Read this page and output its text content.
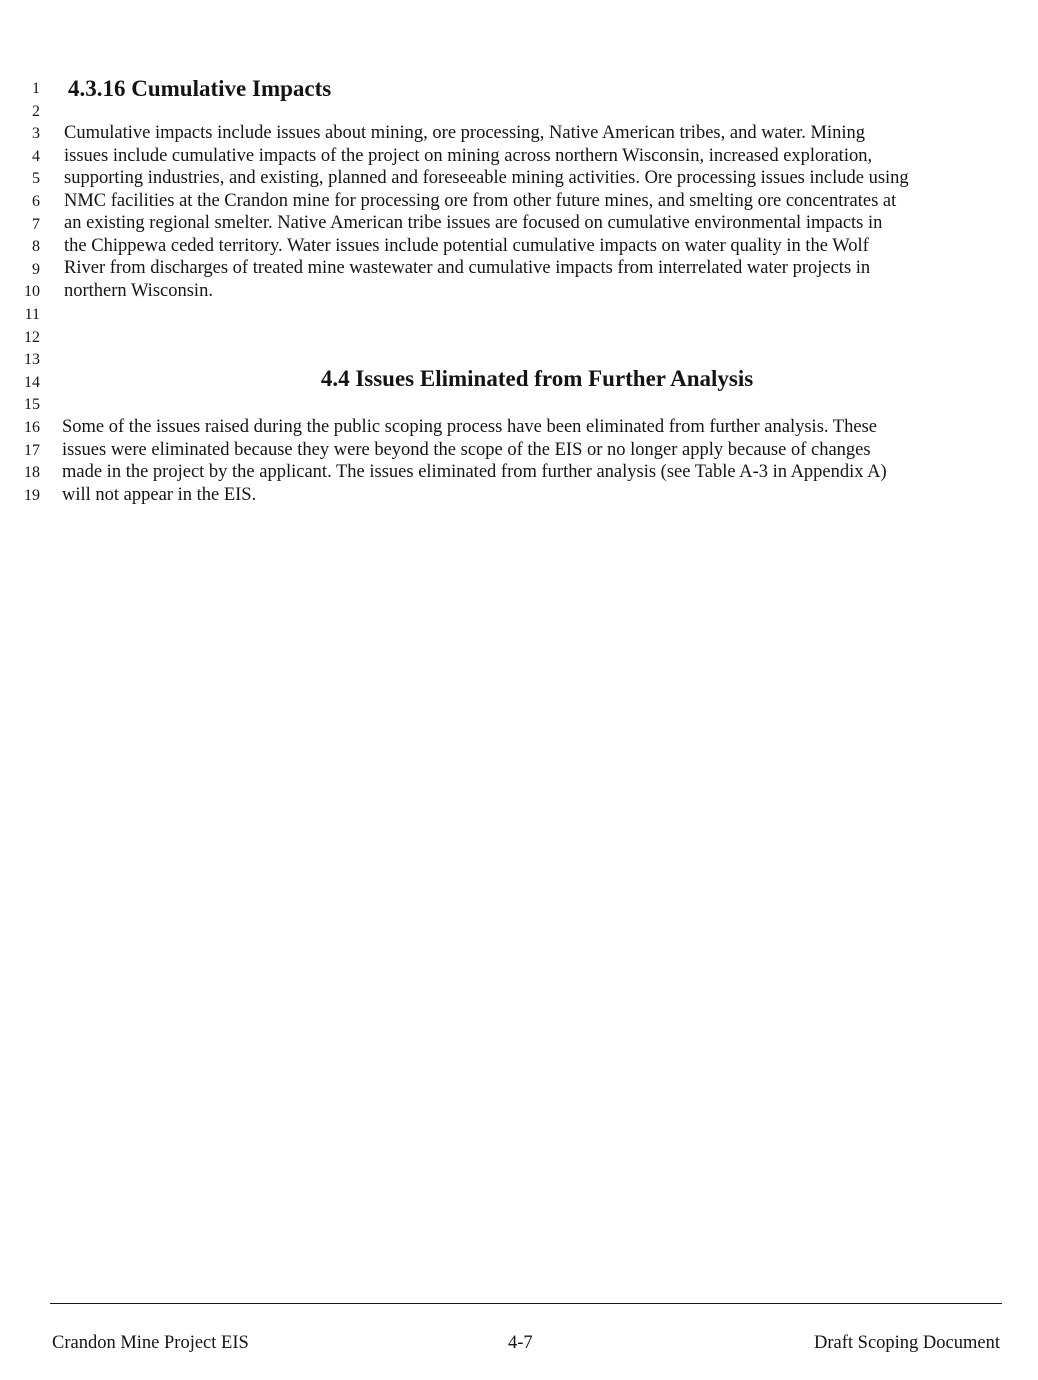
1
2
3
4
5
6
7
8
9
10
11
12
13
14
15
16
17
18
19
4.3.16 Cumulative Impacts
Cumulative impacts include issues about mining, ore processing, Native American tribes, and water. Mining
issues include cumulative impacts of the project on mining across northern Wisconsin, increased exploration,
supporting industries, and existing, planned and foreseeable mining activities. Ore processing issues include using
NMC facilities at the Crandon mine for processing ore from other future mines, and smelting ore concentrates at
an existing regional smelter. Native American tribe issues are focused on cumulative environmental impacts in
the Chippewa ceded territory. Water issues include potential cumulative impacts on water quality in the Wolf
River from discharges of treated mine wastewater and cumulative impacts from interrelated water projects in
northern Wisconsin.
4.4 Issues Eliminated from Further Analysis
Some of the issues raised during the public scoping process have been eliminated from further analysis. These
issues were eliminated because they were beyond the scope of the EIS or no longer apply because of changes
made in the project by the applicant. The issues eliminated from further analysis (see Table A-3 in Appendix A)
will not appear in the EIS.
Crandon Mine Project EIS	4-7	Draft Scoping Document
